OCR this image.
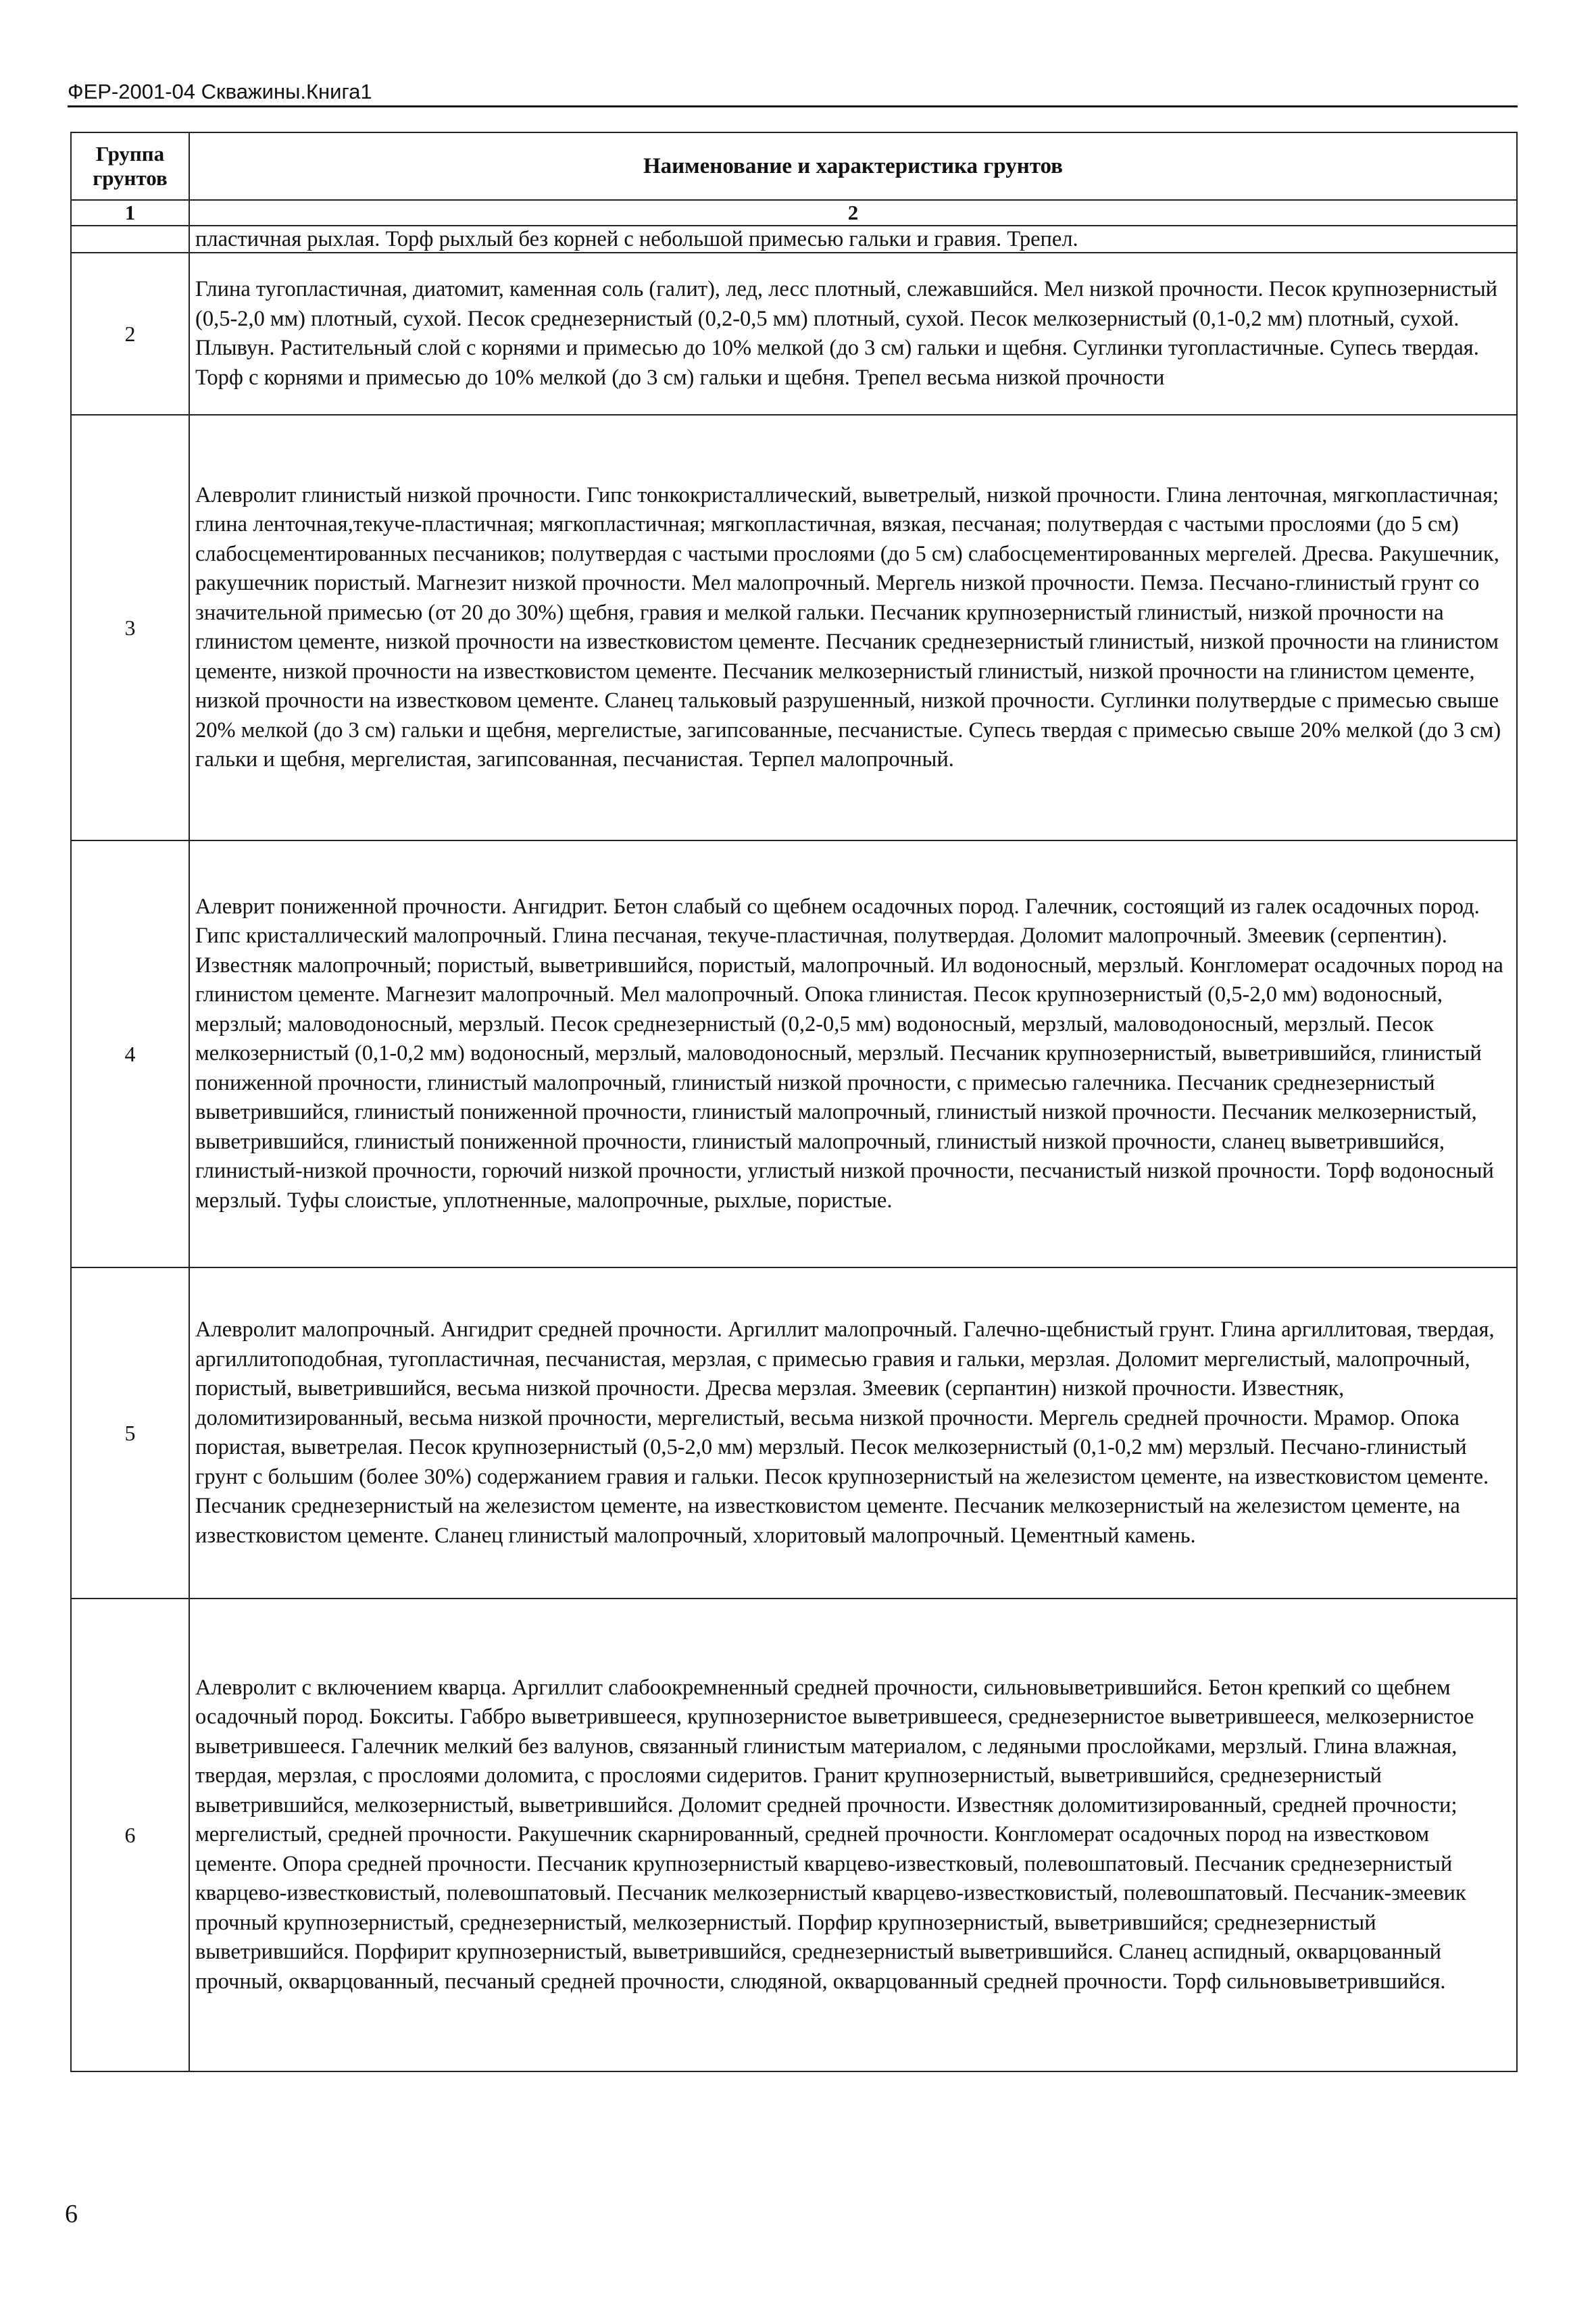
ФЕР-2001-04 Скважины.Книга1
Группа грунтов	Наименование и характеристика грунтов
1	2
	пластичная рыхлая. Торф рыхлый без корней с небольшой примесью гальки и гравия. Трепел.
2	Глина тугопластичная, диатомит, каменная соль (галит), лед, лесс плотный, слежавшийся. Мел низкой прочности. Песок крупнозернистый (0,5-2,0 мм) плотный, сухой. Песок среднезернистый (0,2-0,5 мм) плотный, сухой. Песок мелкозернистый (0,1-0,2 мм) плотный, сухой. Плывун. Растительный слой с корнями и примесью до 10% мелкой (до 3 см) гальки и щебня. Суглинки тугопластичные. Супесь твердая. Торф с корнями и примесью до 10% мелкой (до 3 см) гальки и щебня. Трепел весьма низкой прочности
3	Алевролит глинистый низкой прочности. Гипс тонкокристаллический, выветрелый, низкой прочности. Глина ленточная, мягкопластичная; глина ленточная,текуче-пластичная; мягкопластичная; мягкопластичная, вязкая, песчаная; полутвердая с частыми прослоями (до 5 см) слабосцементированных песчаников; полутвердая с частыми прослоями (до 5 см) слабосцементированных мергелей. Дресва. Ракушечник, ракушечник пористый. Магнезит низкой прочности. Мел малопрочный. Мергель низкой прочности. Пемза. Песчано-глинистый грунт со значительной примесью (от 20 до 30%) щебня, гравия и мелкой гальки. Песчаник крупнозернистый глинистый, низкой прочности на глинистом цементе, низкой прочности на известковистом цементе. Песчаник среднезернистый глинистый, низкой прочности на глинистом цементе, низкой прочности на известковистом цементе. Песчаник мелкозернистый глинистый, низкой прочности на глинистом цементе, низкой прочности на известковом цементе. Сланец тальковый разрушенный, низкой прочности. Суглинки полутвердые с примесью свыше 20% мелкой (до 3 см) гальки и щебня, мергелистые, загипсованные, песчанистые. Супесь твердая с примесью свыше 20% мелкой (до 3 см) гальки и щебня, мергелистая, загипсованная, песчанистая. Терпел малопрочный.
4	Алеврит пониженной прочности. Ангидрит. Бетон слабый со щебнем осадочных пород. Галечник, состоящий из галек осадочных пород. Гипс кристаллический малопрочный. Глина песчаная, текуче-пластичная, полутвердая. Доломит малопрочный. Змеевик (серпентин). Известняк малопрочный; пористый, выветрившийся, пористый, малопрочный. Ил водоносный, мерзлый. Конгломерат осадочных пород на глинистом цементе. Магнезит малопрочный. Мел малопрочный. Опока глинистая. Песок крупнозернистый (0,5-2,0 мм) водоносный, мерзлый; маловодоносный, мерзлый. Песок среднезернистый (0,2-0,5 мм) водоносный, мерзлый, маловодоносный, мерзлый. Песок мелкозернистый (0,1-0,2 мм) водоносный, мерзлый, маловодоносный, мерзлый. Песчаник крупнозернистый, выветрившийся, глинистый пониженной прочности, глинистый малопрочный, глинистый низкой прочности, с примесью галечника. Песчаник среднезернистый выветрившийся, глинистый пониженной прочности, глинистый малопрочный, глинистый низкой прочности. Песчаник мелкозернистый, выветрившийся, глинистый пониженной прочности, глинистый малопрочный, глинистый низкой прочности, сланец выветрившийся, глинистый-низкой прочности, горючий низкой прочности, углистый низкой прочности, песчанистый низкой прочности. Торф водоносный мерзлый. Туфы слоистые, уплотненные, малопрочные, рыхлые, пористые.
5	Алевролит малопрочный. Ангидрит средней прочности. Аргиллит малопрочный. Галечно-щебнистый грунт. Глина аргиллитовая, твердая, аргиллитоподобная, тугопластичная, песчанистая, мерзлая, с примесью гравия и гальки, мерзлая. Доломит мергелистый, малопрочный, пористый, выветрившийся, весьма низкой прочности. Дресва мерзлая. Змеевик (серпантин) низкой прочности. Известняк, доломитизированный, весьма низкой прочности, мергелистый, весьма низкой прочности. Мергель средней прочности. Мрамор. Опока пористая, выветрелая. Песок крупнозернистый (0,5-2,0 мм) мерзлый. Песок мелкозернистый (0,1-0,2 мм) мерзлый. Песчано-глинистый грунт с большим (более 30%) содержанием гравия и гальки. Песок крупнозернистый на железистом цементе, на известковистом цементе. Песчаник среднезернистый на железистом цементе, на известковистом цементе. Песчаник мелкозернистый на железистом цементе, на известковистом цементе. Сланец глинистый малопрочный, хлоритовый малопрочный. Цементный камень.
6	Алевролит с включением кварца. Аргиллит слабоокремненный средней прочности, сильновыветрившийся. Бетон крепкий со щебнем осадочный пород. Бокситы. Габбро выветрившееся, крупнозернистое выветрившееся, среднезернистое выветрившееся, мелкозернистое выветрившееся. Галечник мелкий без валунов, связанный глинистым материалом, с ледяными прослойками, мерзлый. Глина влажная, твердая, мерзлая, с прослоями доломита, с прослоями сидеритов. Гранит крупнозернистый, выветрившийся, среднезернистый выветрившийся, мелкозернистый, выветрившийся. Доломит средней прочности. Известняк доломитизированный, средней прочности; мергелистый, средней прочности. Ракушечник скарнированный, средней прочности. Конгломерат осадочных пород на известковом цементе. Опора средней прочности. Песчаник крупнозернистый кварцево-известковый, полевошпатовый. Песчаник среднезернистый кварцево-известковистый, полевошпатовый. Песчаник мелкозернистый кварцево-известковистый, полевошпатовый. Песчаник-змеевик прочный крупнозернистый, среднезернистый, мелкозернистый. Порфир крупнозернистый, выветрившийся; среднезернистый выветрившийся. Порфирит крупнозернистый, выветрившийся, среднезернистый выветрившийся. Сланец аспидный, окварцованный прочный, окварцованный, песчаный средней прочности, слюдяной, окварцованный средней прочности. Торф сильновыветрившийся.
6
